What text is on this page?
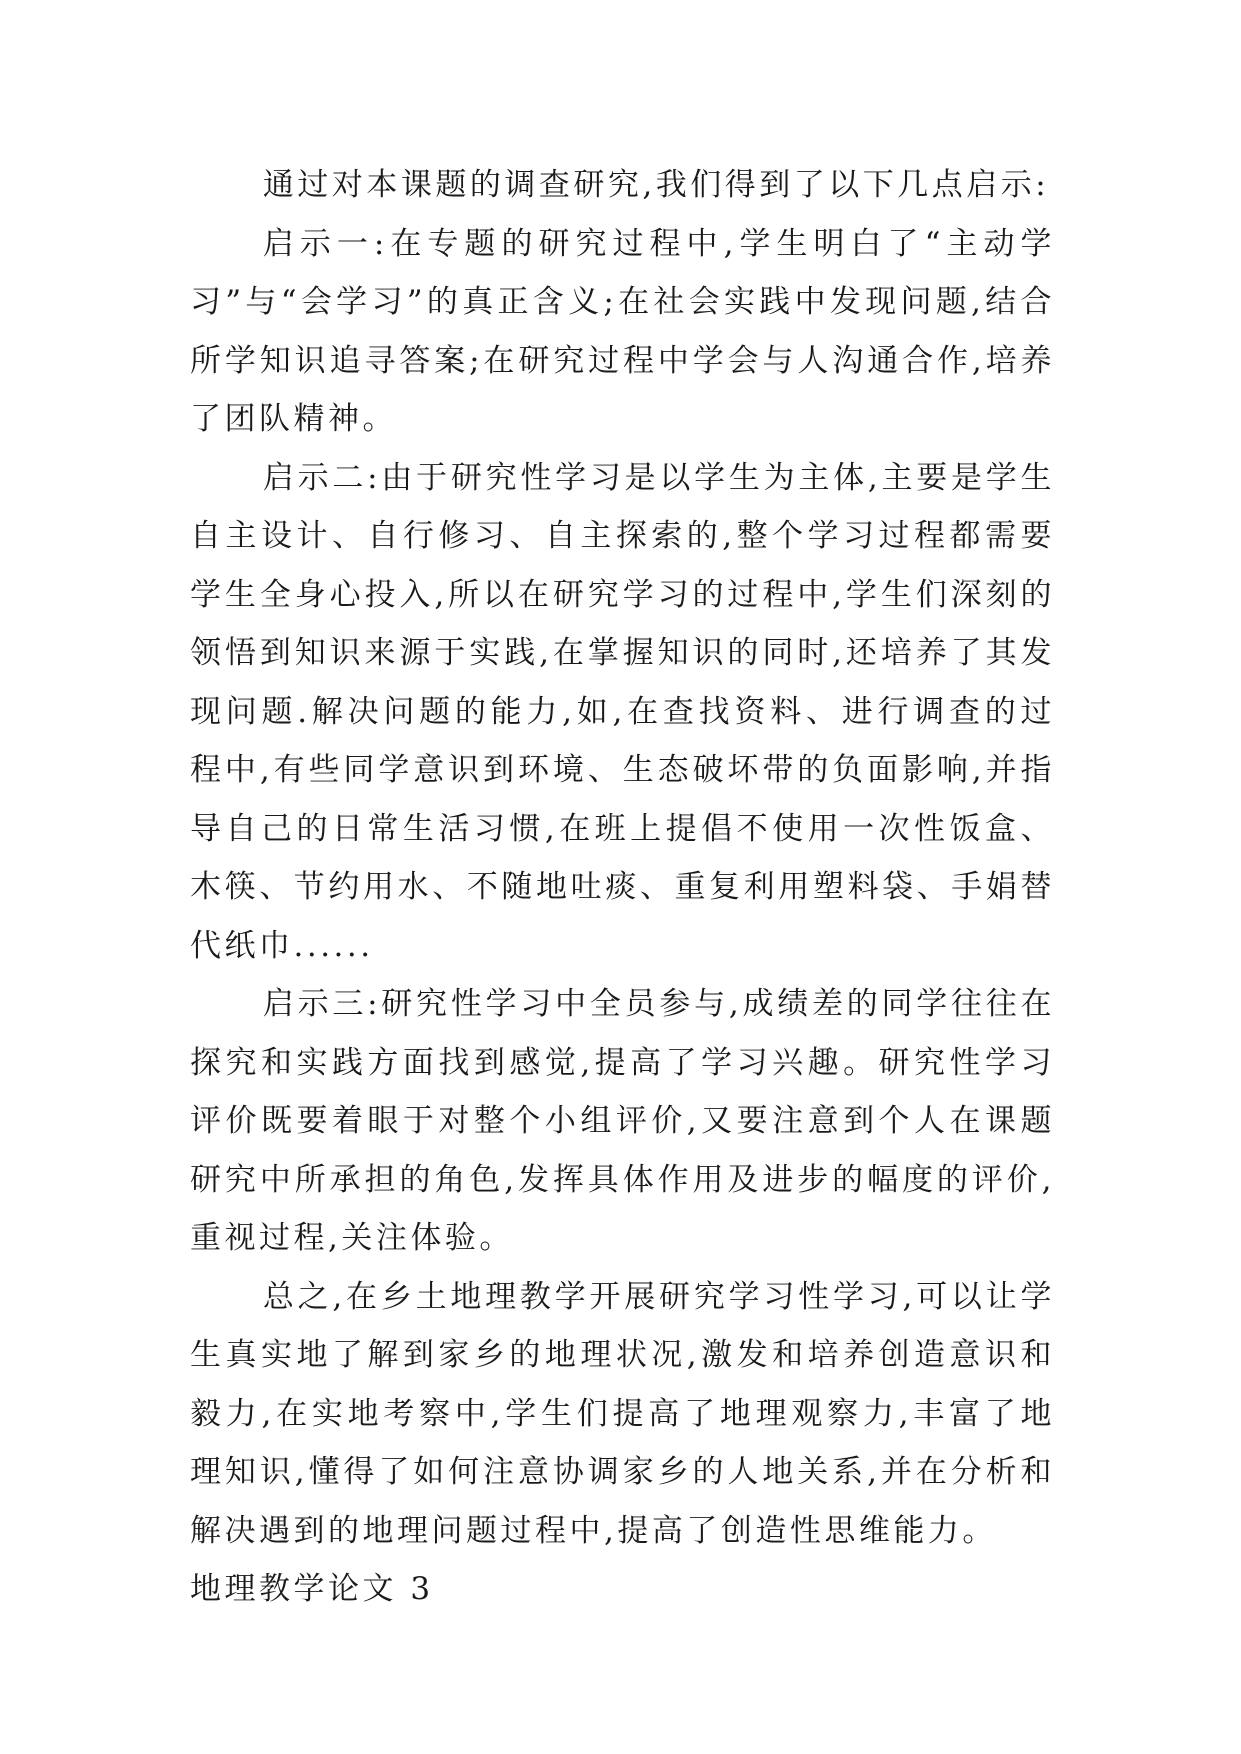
通过对本课题的调查研究,我们得到了以下几点启示:

启示一:在专题的研究过程中,学生明白了“主动学习”与“会学习”的真正含义;在社会实践中发现问题,结合所学知识追寻答案;在研究过程中学会与人沟通合作,培养了团队精神。

启示二:由于研究性学习是以学生为主体,主要是学生自主设计、自行修习、自主探索的,整个学习过程都需要学生全身心投入,所以在研究学习的过程中,学生们深刻的领悟到知识来源于实践,在掌握知识的同时,还培养了其发现问题.解决问题的能力,如,在查找资料、进行调查的过程中,有些同学意识到环境、生态破坏带的负面影响,并指导自己的日常生活习惯,在班上提倡不使用一次性饭盒、木筷、节约用水、不随地吐痰、重复利用塑料袋、手娟替代纸巾......

启示三:研究性学习中全员参与,成绩差的同学往往在探究和实践方面找到感觉,提高了学习兴趣。研究性学习评价既要着眼于对整个小组评价,又要注意到个人在课题研究中所承担的角色,发挥具体作用及进步的幅度的评价,重视过程,关注体验。

总之,在乡土地理教学开展研究学习性学习,可以让学生真实地了解到家乡的地理状况,激发和培养创造意识和毅力,在实地考察中,学生们提高了地理观察力,丰富了地理知识,懂得了如何注意协调家乡的人地关系,并在分析和解决遇到的地理问题过程中,提高了创造性思维能力。

地理教学论文 3
